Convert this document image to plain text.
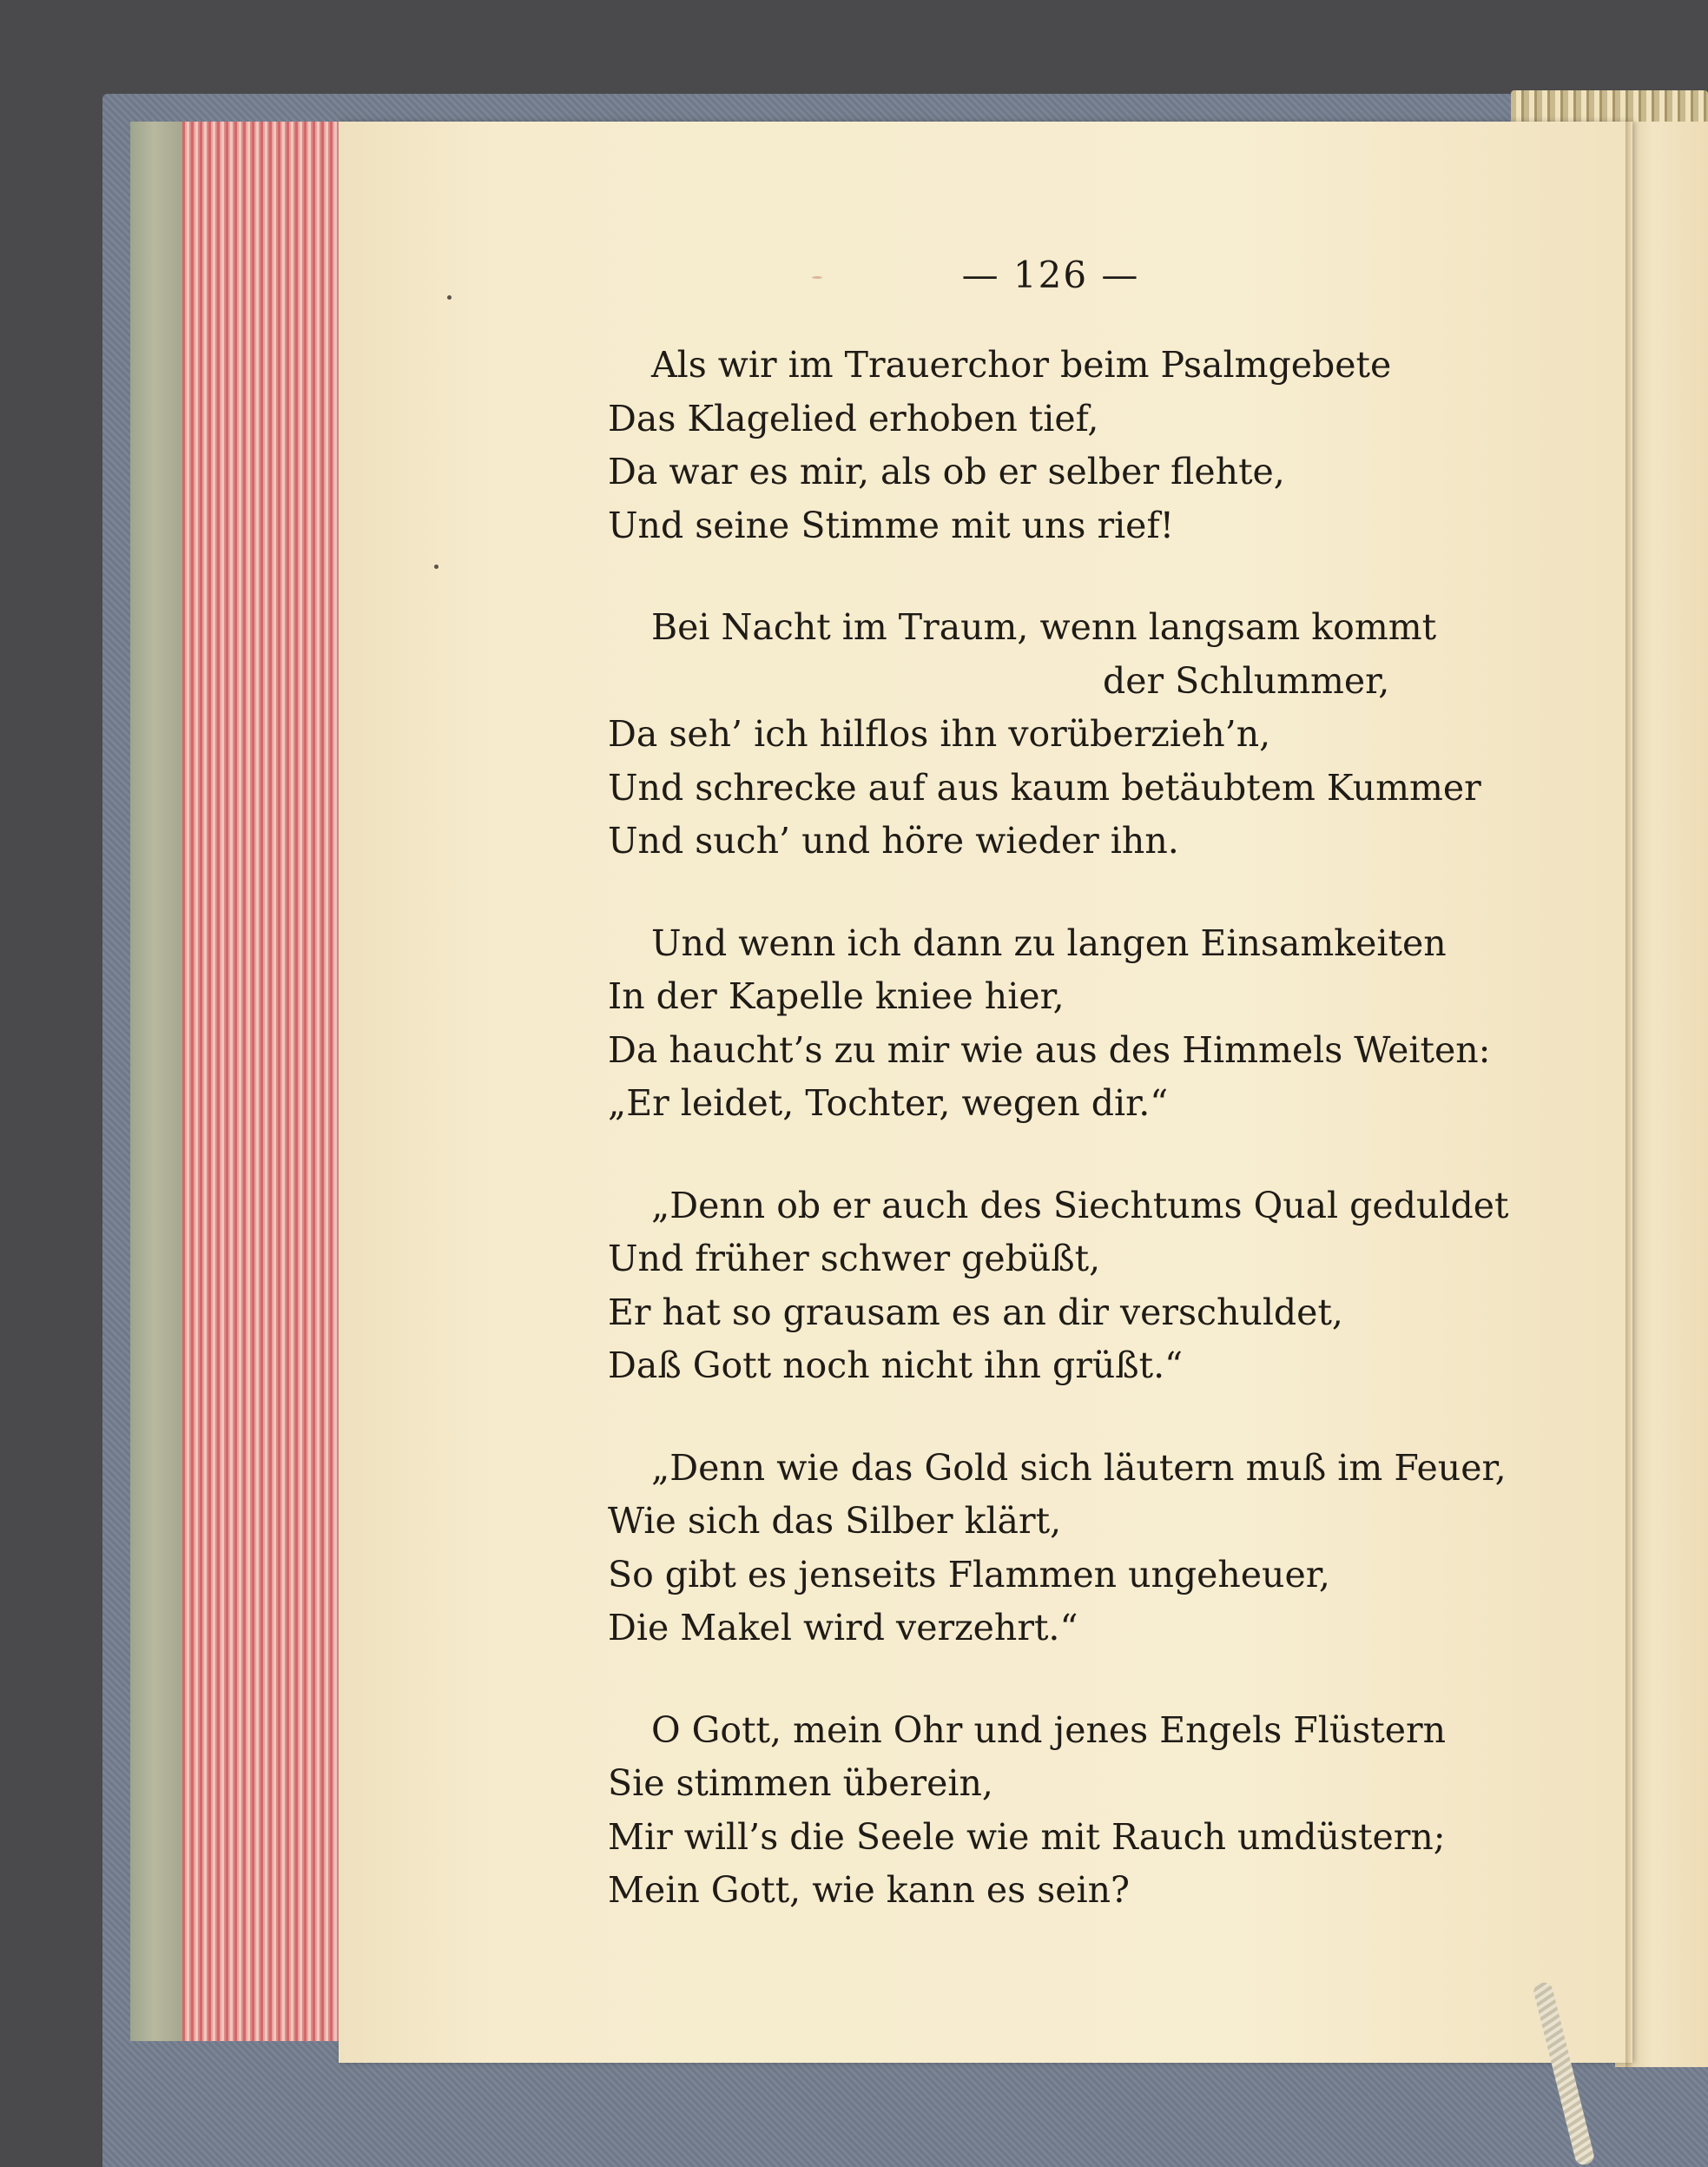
— 126 —
Als wir im Trauerchor beim Psalmgebete
Das Klagelied erhoben tief,
Da war es mir, als ob er selber flehte,
Und seine Stimme mit uns rief!
Bei Nacht im Traum, wenn langsam kommt
der Schlummer,
Da seh’ ich hilflos ihn vorüberzieh’n,
Und schrecke auf aus kaum betäubtem Kummer
Und such’ und höre wieder ihn.
Und wenn ich dann zu langen Einsamkeiten
In der Kapelle kniee hier,
Da haucht’s zu mir wie aus des Himmels Weiten:
„Er leidet, Tochter, wegen dir.“
„Denn ob er auch des Siechtums Qual geduldet
Und früher schwer gebüßt,
Er hat so grausam es an dir verschuldet,
Daß Gott noch nicht ihn grüßt.“
„Denn wie das Gold sich läutern muß im Feuer,
Wie sich das Silber klärt,
So gibt es jenseits Flammen ungeheuer,
Die Makel wird verzehrt.“
O Gott, mein Ohr und jenes Engels Flüstern
Sie stimmen überein,
Mir will’s die Seele wie mit Rauch umdüstern;
Mein Gott, wie kann es sein?
